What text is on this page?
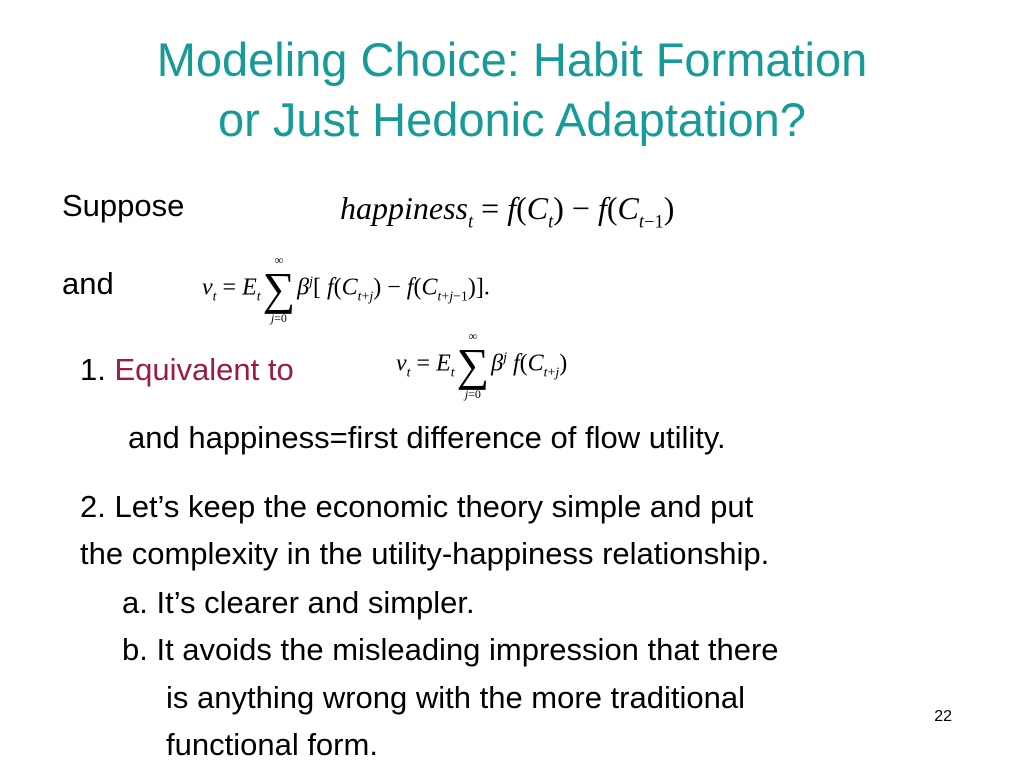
Modeling Choice: Habit Formation
or Just Hedonic Adaptation?
Suppose	happiness$_t$ = $f(C_t) - f(C_{t-1})$
and	$v_t = E_t$
∞
∑
j=0
$\beta^j$[ $f(C_{t+j}) - f(C_{t+j-1})$].
1. Equivalent to	$v_t = E_t$
∞
∑
j=0
$\beta^j$ $f(C_{t+j})$
and happiness=first difference of flow utility.
2. Let’s keep the economic theory simple and put
the complexity in the utility-happiness relationship.
a. It’s clearer and simpler.
b. It avoids the misleading impression that there
is anything wrong with the more traditional
functional form.
22
